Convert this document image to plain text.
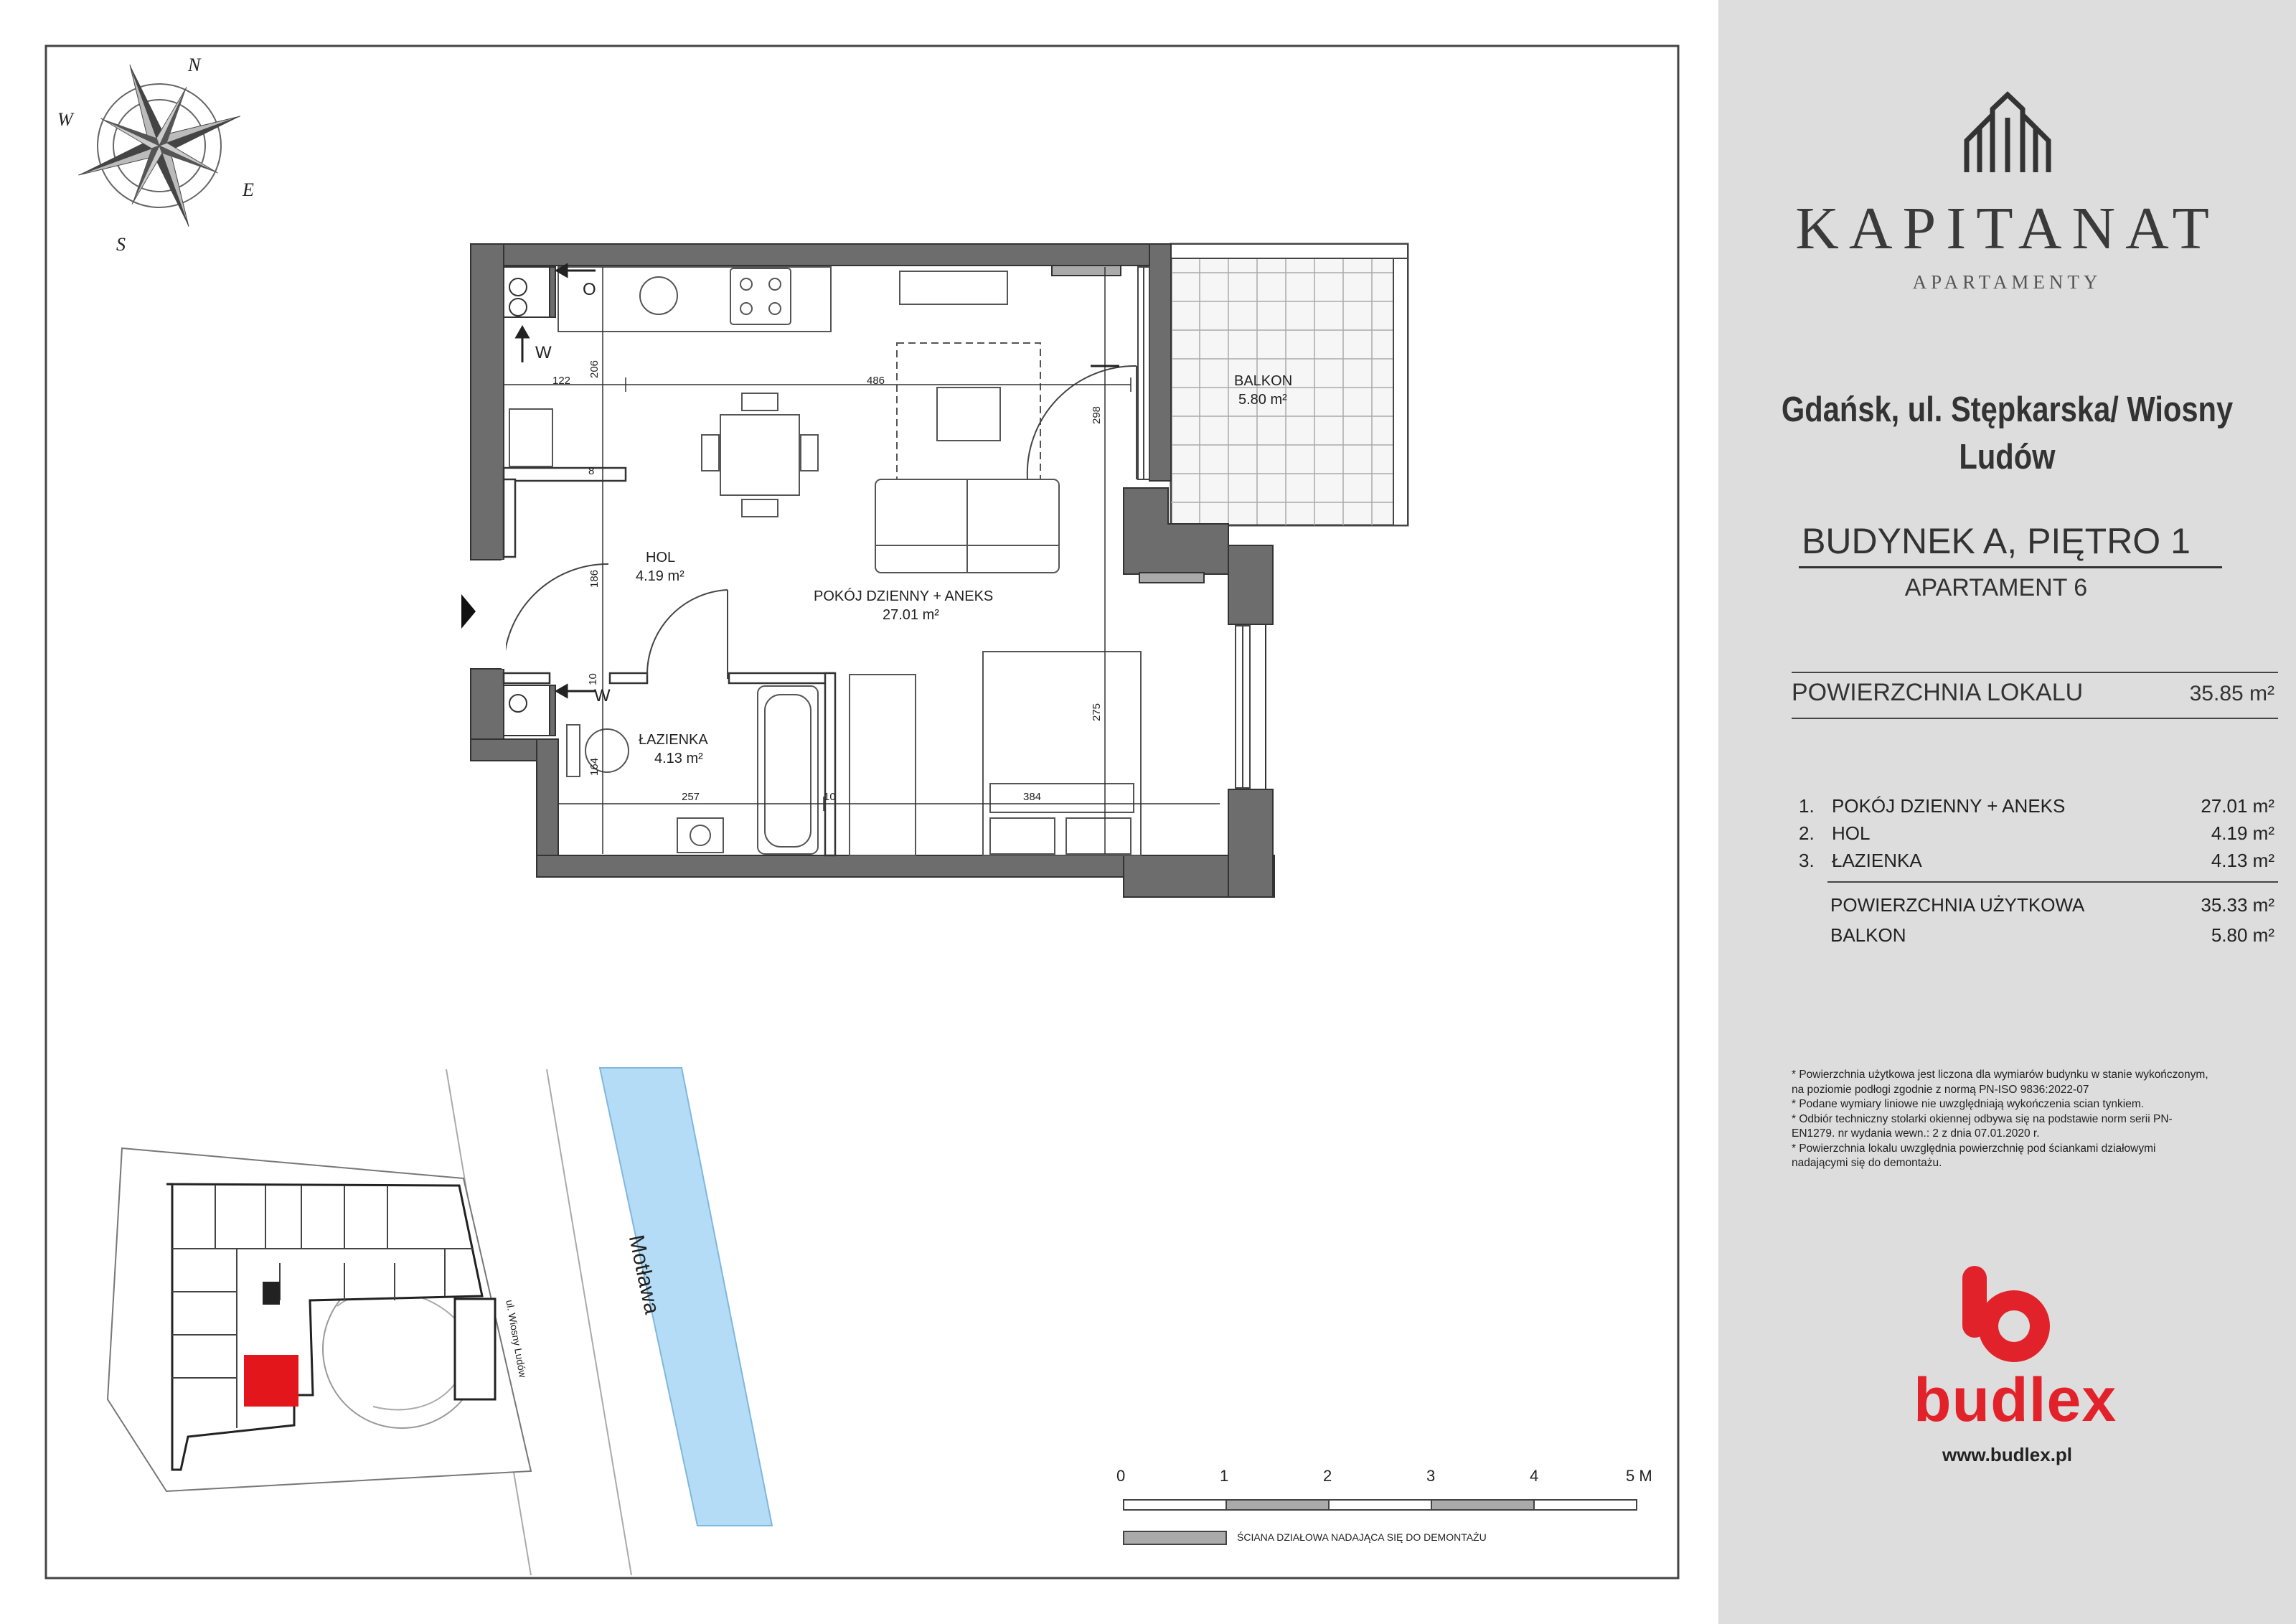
BALKON
5.80 m²
HOL
4.19 m²
POKÓJ DZIENNY + ANEKS
27.01 m²
ŁAZIENKA
4.13 m²
122	486
206
298
8
186
10
164
257	10	384
275
W
W
O
N
E
S
W
ul. Wiosny Ludów
Motława
0	1	2	3	4	5 M
ŚCIANA DZIAŁOWA NADAJĄCA SIĘ DO DEMONTAŻU
KAPITANAT
APARTAMENTY
Gdańsk, ul. Stępkarska/ Wiosny Ludów
BUDYNEK A, PIĘTRO 1
APARTAMENT 6
POWIERZCHNIA LOKALU	35.85 m²
1. POKÓJ DZIENNY + ANEKS	27.01 m²
2. HOL	4.19 m²
3. ŁAZIENKA	4.13 m²
POWIERZCHNIA UŻYTKOWA	35.33 m²
BALKON	5.80 m²
* Powierzchnia użytkowa jest liczona dla wymiarów budynku w stanie wykończonym, na poziomie podłogi zgodnie z normą PN-ISO 9836:2022-07
* Podane wymiary liniowe nie uwzględniają wykończenia scian tynkiem.
* Odbiór techniczny stolarki okiennej odbywa się na podstawie norm serii PN-EN1279. nr wydania wewn.: 2 z dnia 07.01.2020 r.
* Powierzchnia lokalu uwzględnia powierzchnię pod ściankami działowymi nadającymi się do demontażu.
budlex
www.budlex.pl
